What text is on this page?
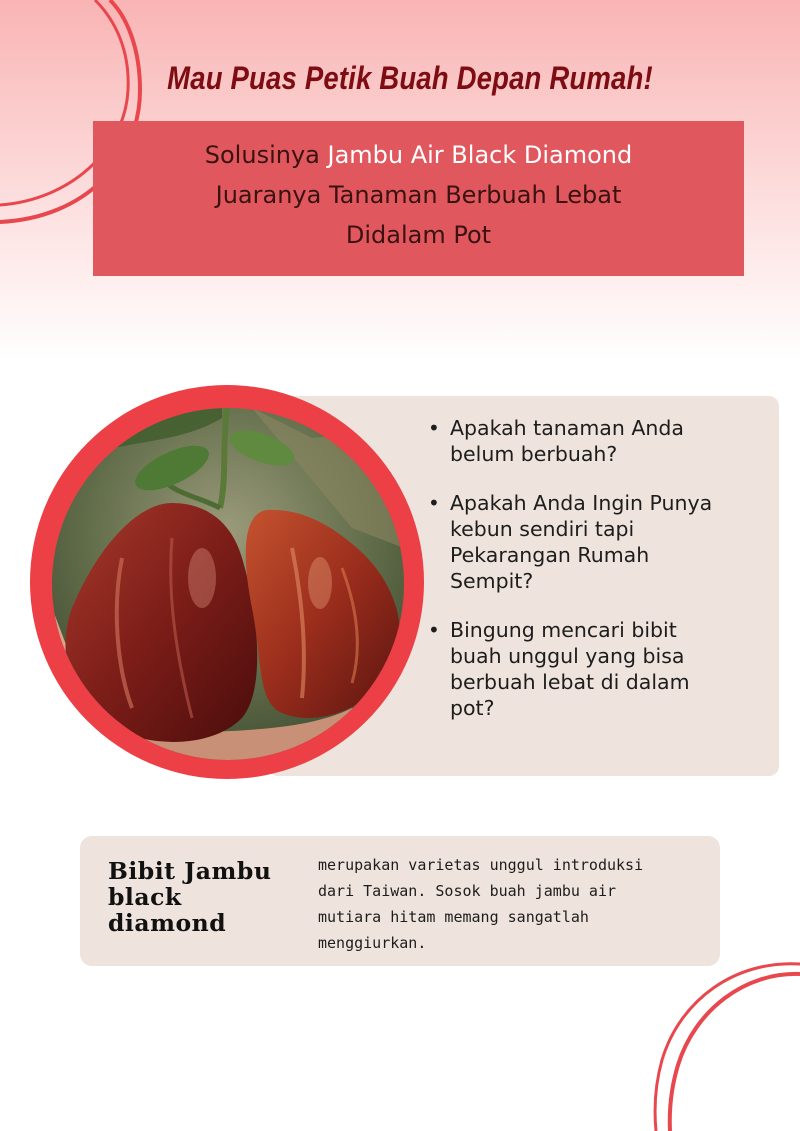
Mau Puas Petik Buah Depan Rumah!
Solusinya Jambu Air Black Diamond
Juaranya Tanaman Berbuah Lebat
Didalam Pot
• Apakah tanaman Anda
belum berbuah?
• Apakah Anda Ingin Punya
kebun sendiri tapi
Pekarangan Rumah
Sempit?
• Bingung mencari bibit
buah unggul yang bisa
berbuah lebat di dalam
pot?
Bibit Jambu
black
diamond
merupakan varietas unggul introduksi
dari Taiwan. Sosok buah jambu air
mutiara hitam memang sangatlah
menggiurkan.
